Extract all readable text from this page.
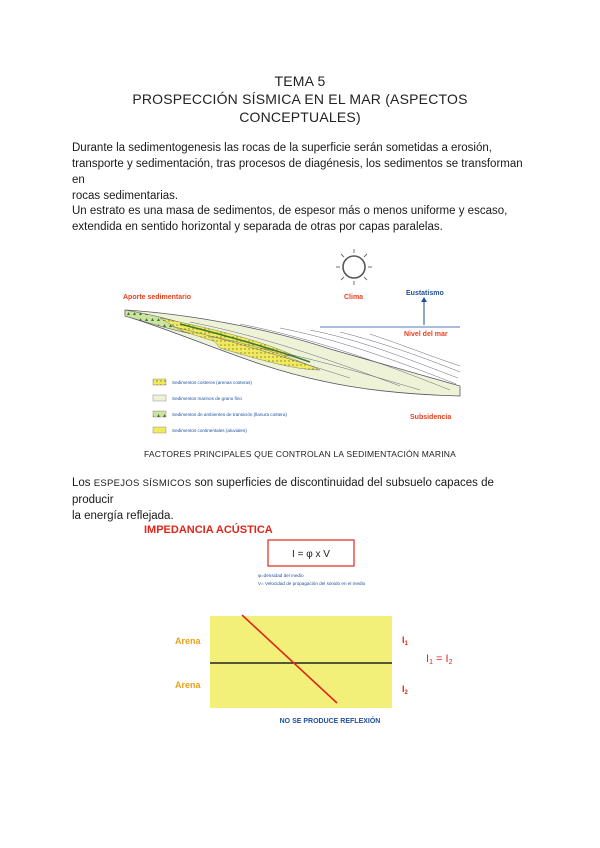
TEMA 5
PROSPECCIÓN SÍSMICA EN EL MAR (ASPECTOS
CONCEPTUALES)
Durante la sedimentogenesis las rocas de la superficie serán sometidas a erosión,
transporte y sedimentación, tras procesos de diagénesis, los sedimentos se transforman en
rocas sedimentarias.
Un estrato es una masa de sedimentos, de espesor más o menos uniforme y escaso,
extendida en sentido horizontal y separada de otras por capas paralelas.
Clima
Aporte sedimentario
Eustatismo
Nivel del mar
Subsidencia
Sedimentos costeros (arenas costeras)
Sedimentos marinos de grano fino
Sedimentos de ambientes de transición (llanura costera)
Sedimentos continentales (aluviales)
FACTORES PRINCIPALES QUE CONTROLAN LA SEDIMENTACIÓN MARINA
Los ESPEJOS SÍSMICOS son superficies de discontinuidad del subsuelo capaces de producir
la energía reflejada.
IMPEDANCIA ACÚSTICA
I = φ x V
φ=densidad del medio
V= Velocidad de propagación del sonido en el medio
Arena
Arena
$I_1$
$I_2$
I1 = I2
NO SE PRODUCE REFLEXIÓN
